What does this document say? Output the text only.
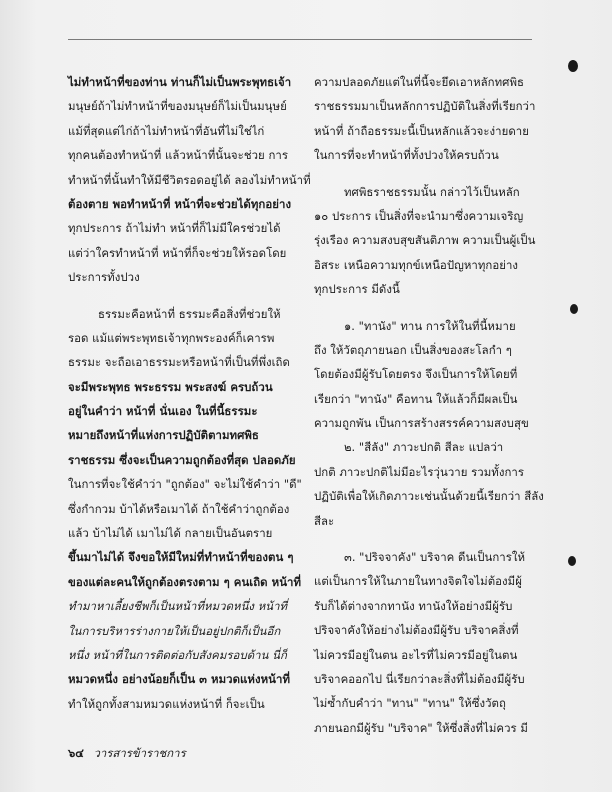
ไม่ทำหน้าที่ของท่าน ท่านก็ไม่เป็นพระพุทธเจ้า
มนุษย์ถ้าไม่ทำหน้าที่ของมนุษย์ก็ไม่เป็นมนุษย์
แม้ที่สุดแต่ไก่ถ้าไม่ทำหน้าที่อันที่ไม่ใช่ไก่
ทุกคนต้องทำหน้าที่ แล้วหน้าที่นั้นจะช่วย การ
ทำหน้าที่นั้นทำให้มีชีวิตรอดอยู่ได้ ลองไม่ทำหน้าที่
ต้องตาย พอทำหน้าที่ หน้าที่จะช่วยได้ทุกอย่าง
ทุกประการ ถ้าไม่ทำ หน้าที่ก็ไม่มีใครช่วยได้
แต่ว่าใครทำหน้าที่ หน้าที่ก็จะช่วยให้รอดโดย
ประการทั้งปวง
ธรรมะคือหน้าที่ ธรรมะคือสิ่งที่ช่วยให้
รอด แม้แต่พระพุทธเจ้าทุกพระองค์ก็เคารพ
ธรรมะ จะถือเอาธรรมะหรือหน้าที่เป็นที่พึ่งเถิด
จะมีพระพุทธ พระธรรม พระสงฆ์ ครบถ้วน
อยู่ในคำว่า หน้าที่ นั่นเอง ในที่นี้ธรรมะ
หมายถึงหน้าที่แห่งการปฏิบัติตามทศพิธ
ราชธรรม ซึ่งจะเป็นความถูกต้องที่สุด ปลอดภัย
ในการที่จะใช้คำว่า "ถูกต้อง" จะไม่ใช้คำว่า "ดี"
ซึ่งกำกวม บ้าได้หรือเมาได้ ถ้าใช้คำว่าถูกต้อง
แล้ว บ้าไม่ได้ เมาไม่ได้ กลายเป็นอันตราย
ขึ้นมาไม่ได้ จึงขอให้มีใหม่ที่ทำหน้าที่ของตน ๆ
ของแต่ละคนให้ถูกต้องตรงตาม ๆ คนเถิด หน้าที่
ทำมาหาเลี้ยงชีพก็เป็นหน้าที่หมวดหนึ่ง หน้าที่
ในการบริหารร่างกายให้เป็นอยู่ปกติก็เป็นอีก
หนึ่ง หน้าที่ในการติดต่อกับสังคมรอบด้าน นี่ก็
หมวดหนึ่ง อย่างน้อยก็เป็น ๓ หมวดแห่งหน้าที่
ทำให้ถูกทั้งสามหมวดแห่งหน้าที่ ก็จะเป็น
ความปลอดภัยแต่ในที่นี้จะยึดเอาหลักทศพิธ
ราชธรรมมาเป็นหลักการปฏิบัติในสิ่งที่เรียกว่า
หน้าที่ ถ้าถือธรรมะนี้เป็นหลักแล้วจะง่ายดาย
ในการที่จะทำหน้าที่ทั้งปวงให้ครบถ้วน
ทศพิธราชธรรมนั้น กล่าวไว้เป็นหลัก
๑๐ ประการ เป็นสิ่งที่จะนำมาซึ่งความเจริญ
รุ่งเรือง ความสงบสุขสันติภาพ ความเป็นผู้เป็น
อิสระ เหนือความทุกข์เหนือปัญหาทุกอย่าง
ทุกประการ มีดังนี้
๑. "ทานัง" ทาน การให้ในที่นี้หมาย
ถึง ให้วัตถุภายนอก เป็นสิ่งของสะโลกำ ๆ
โดยต้องมีผู้รับโดยตรง จึงเป็นการให้โดยที่
เรียกว่า "ทานัง" คือทาน ให้แล้วก็มีผลเป็น
ความถูกพัน เป็นการสร้างสรรค์ความสงบสุข
๒. "สีลัง" ภาวะปกติ สีละ แปลว่า
ปกติ ภาวะปกติไม่มีอะไรวุ่นวาย รวมทั้งการ
ปฏิบัติเพื่อให้เกิดภาวะเช่นนั้นด้วยนี้เรียกว่า สีลัง
สีละ
๓. "ปริจจาคัง" บริจาค ดีนเป็นการให้
แต่เป็นการให้ในภายในทางจิตใจไม่ต้องมีผู้
รับก็ได้ต่างจากทานัง ทานังให้อย่างมีผู้รับ
ปริจจาคังให้อย่างไม่ต้องมีผู้รับ บริจาคสิ่งที่
ไม่ควรมีอยู่ในตน อะไรที่ไม่ควรมีอยู่ในตน
บริจาคออกไป นี่เรียกว่าละสิ่งที่ไม่ต้องมีผู้รับ
ไม่ซ้ำกับคำว่า "ทาน" "ทาน" ให้ซึ่งวัตถุ
ภายนอกมีผู้รับ "บริจาค" ให้ซึ่งสิ่งที่ไม่ควร มี
๖๔ วารสารข้าราชการ
